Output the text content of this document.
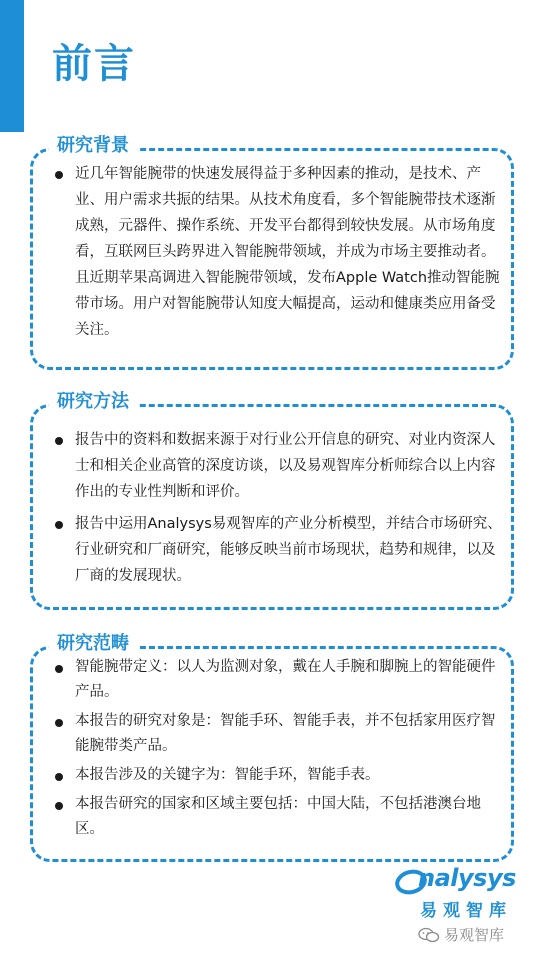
前言
研究背景
近几年智能腕带的快速发展得益于多种因素的推动，是技术、产业、用户需求共振的结果。从技术角度看，多个智能腕带技术逐渐成熟，元器件、操作系统、开发平台都得到较快发展。从市场角度看，互联网巨头跨界进入智能腕带领域，并成为市场主要推动者。且近期苹果高调进入智能腕带领域，发布Apple Watch推动智能腕带市场。用户对智能腕带认知度大幅提高，运动和健康类应用备受关注。
研究方法
报告中的资料和数据来源于对行业公开信息的研究、对业内资深人士和相关企业高管的深度访谈，以及易观智库分析师综合以上内容作出的专业性判断和评价。
报告中运用Analysys易观智库的产业分析模型，并结合市场研究、行业研究和厂商研究，能够反映当前市场现状，趋势和规律，以及厂商的发展现状。
研究范畴
智能腕带定义：以人为监测对象，戴在人手腕和脚腕上的智能硬件产品。
本报告的研究对象是：智能手环、智能手表，并不包括家用医疗智能腕带类产品。
本报告涉及的关键字为：智能手环，智能手表。
本报告研究的国家和区域主要包括：中国大陆，不包括港澳台地区。
nalysys
易观智库
易观智库
